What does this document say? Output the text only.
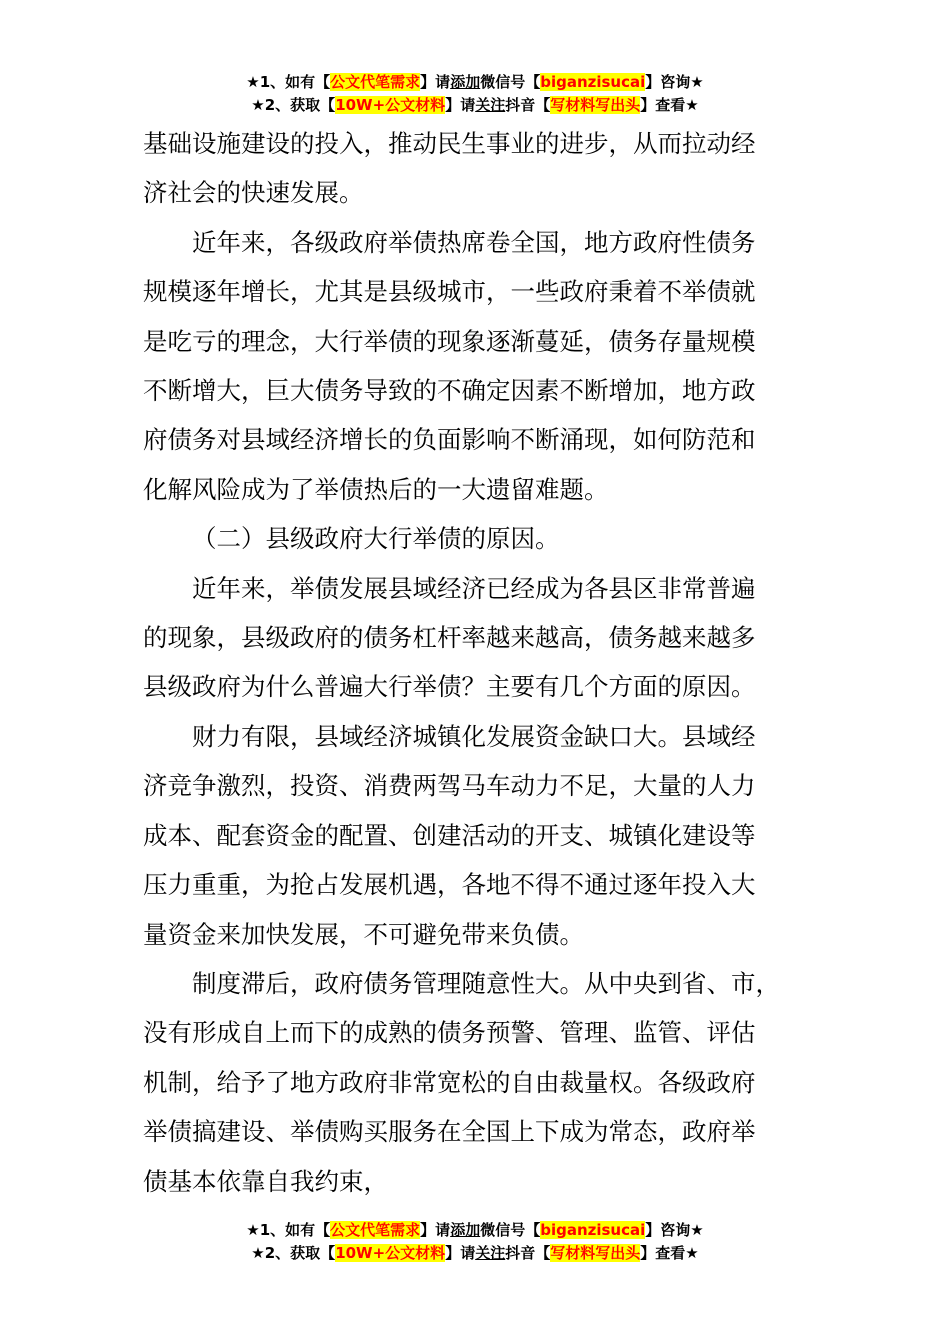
★1、如有【公文代笔需求】请添加微信号【biganzisucai】咨询★
★2、获取【10W+公文材料】请关注抖音【写材料写出头】查看★

基础设施建设的投入，推动民生事业的进步，从而拉动经

济社会的快速发展。

近年来，各级政府举债热席卷全国，地方政府性债务

规模逐年增长，尤其是县级城市，一些政府秉着不举债就

是吃亏的理念，大行举债的现象逐渐蔓延，债务存量规模

不断增大，巨大债务导致的不确定因素不断增加，地方政

府债务对县域经济增长的负面影响不断涌现，如何防范和

化解风险成为了举债热后的一大遗留难题。

（二）县级政府大行举债的原因。

近年来，举债发展县域经济已经成为各县区非常普遍

的现象，县级政府的债务杠杆率越来越高，债务越来越多

县级政府为什么普遍大行举债？主要有几个方面的原因。

财力有限，县域经济城镇化发展资金缺口大。县域经

济竞争激烈，投资、消费两驾马车动力不足，大量的人力

成本、配套资金的配置、创建活动的开支、城镇化建设等

压力重重，为抢占发展机遇，各地不得不通过逐年投入大

量资金来加快发展，不可避免带来负债。

制度滞后，政府债务管理随意性大。从中央到省、市，

没有形成自上而下的成熟的债务预警、管理、监管、评估

机制，给予了地方政府非常宽松的自由裁量权。各级政府

举债搞建设、举债购买服务在全国上下成为常态，政府举

债基本依靠自我约束，

★1、如有【公文代笔需求】请添加微信号【biganzisucai】咨询★
★2、获取【10W+公文材料】请关注抖音【写材料写出头】查看★
